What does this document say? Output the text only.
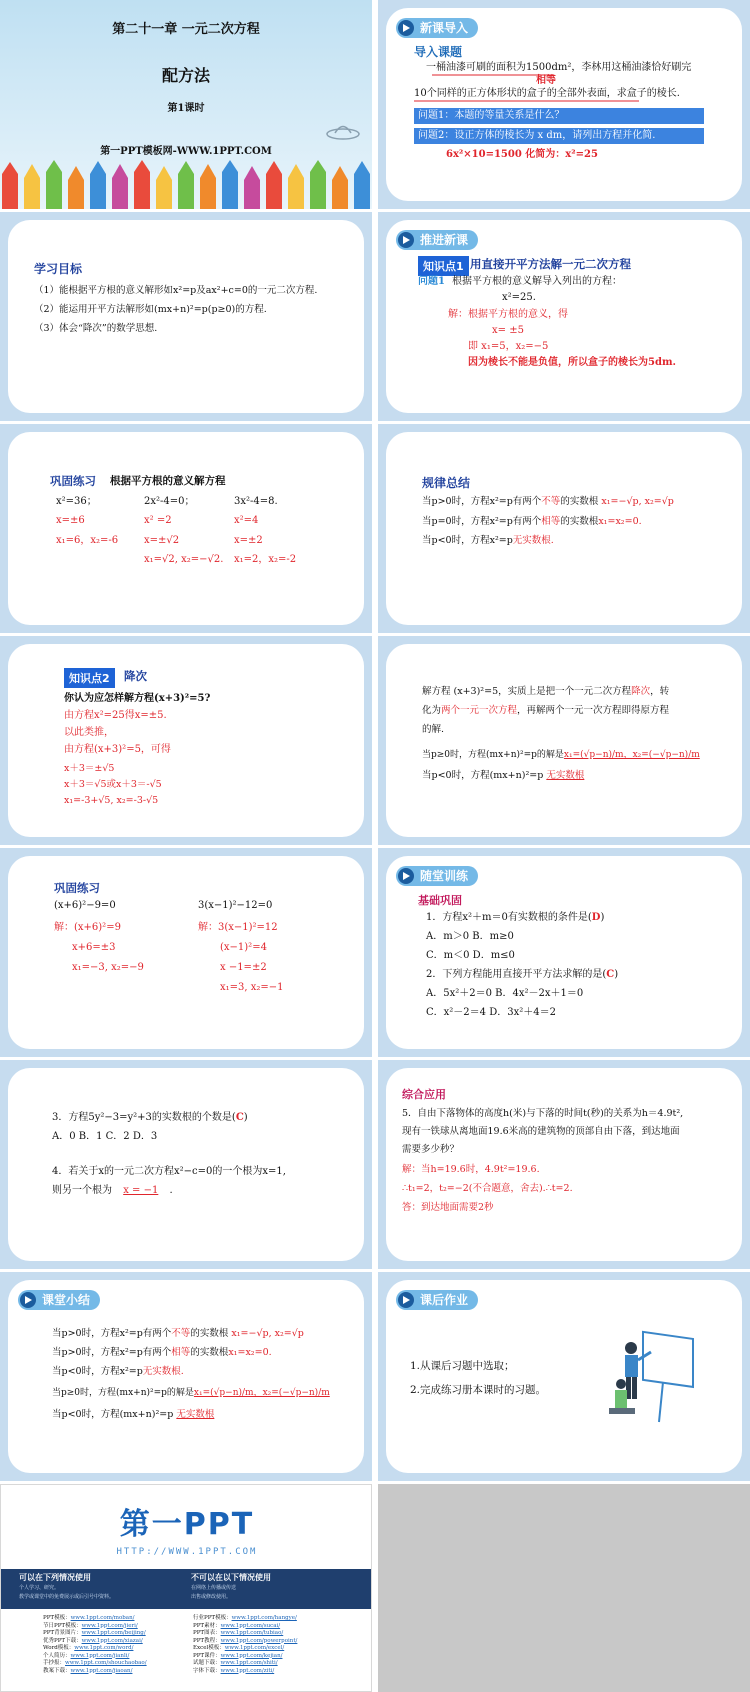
第二十一章 一元二次方程
配方法
第1课时
第一PPT模板网-WWW.1PPT.COM
新课导入
导入课题
一桶油漆可刷的面积为1500dm²，李林用这桶油漆恰好刷完
相等
10个同样的正方体形状的盒子的全部外表面，求盒子的棱长.
问题1：本题的等量关系是什么？
问题2：设正方体的棱长为 x dm，请列出方程并化简.
6x²×10=1500 化简为：x²=25
学习目标
（1）能根据平方根的意义解形如x²=p及ax²+c=0的一元二次方程.
（2）能运用开平方法解形如(mx+n)²=p(p≥0)的方程.
（3）体会“降次”的数学思想.
推进新课
知识点1 用直接开平方法解一元二次方程
问题1 根据平方根的意义解导入列出的方程：
x²=25.
解：根据平方根的意义，得
x= ±5
即 x₁=5，x₂=−5
因为棱长不能是负值，所以盒子的棱长为5dm.
巩固练习 根据平方根的意义解方程
x²=36；
x=±6
x₁=6，x₂=-6
2x²-4=0；
x² =2
x=±√2
x₁=√2, x₂=−√2.
3x²-4=8.
x²=4
x=±2
x₁=2，x₂=-2
规律总结
当p>0时，方程x²=p有两个不等的实数根 x₁=−√p, x₂=√p
当p=0时，方程x²=p有两个相等的实数根x₁=x₂=0.
当p<0时，方程x²=p无实数根.
知识点2	降次
你认为应怎样解方程(x+3)²=5?
由方程x²=25得x=±5.
以此类推，
由方程(x+3)²=5，可得
x＋3＝±√5
x＋3＝√5或x＋3＝-√5
x₁=-3+√5, x₂=-3-√5
解方程 (x+3)²=5，实质上是把一个一元二次方程降次，转
化为两个一元一次方程，再解两个一元一次方程即得原方程
的解.
当p≥0时，方程(mx+n)²=p的解是x₁=(√p−n)/m，x₂=(−√p−n)/m
当p<0时，方程(mx+n)²=p 无实数根
巩固练习
(x+6)²−9=0	3(x−1)²−12=0
解：(x+6)²=9
x+6=±3
x₁=−3, x₂=−9
解：3(x−1)²=12
(x−1)²=4
x −1=±2
x₁=3, x₂=−1
随堂训练
基础巩固
1．方程x²＋m＝0有实数根的条件是(D)
A．m＞0 B．m≥0
C．m＜0 D．m≤0
2．下列方程能用直接开平方法求解的是(C)
A．5x²＋2＝0 B．4x²－2x＋1＝0
C．x²－2＝4 D．3x²＋4＝2
3．方程5y²−3=y²+3的实数根的个数是(C)
A．0 B．1 C．2 D．3
4．若关于x的一元二次方程x²−c=0的一个根为x=1,
则另一个根为 x = −1 .
综合应用
5．自由下落物体的高度h(米)与下落的时间t(秒)的关系为h＝4.9t²,
现有一铁球从离地面19.6米高的建筑物的顶部自由下落，到达地面
需要多少秒？
解：当h=19.6时，4.9t²=19.6.
∴t₁=2，t₂=−2(不合题意，舍去).∴t=2.
答：到达地面需要2秒
课堂小结
当p>0时，方程x²=p有两个不等的实数根 x₁=−√p, x₂=√p
当p>0时，方程x²=p有两个相等的实数根x₁=x₂=0.
当p<0时，方程x²=p无实数根.
当p≥0时，方程(mx+n)²=p的解是x₁=(√p−n)/m，x₂=(−√p−n)/m
当p<0时，方程(mx+n)²=p 无实数根
课后作业
1.从课后习题中选取；
2.完成练习册本课时的习题。
第一PPT
HTTP://WWW.1PPT.COM
可以在下列情况使用
个人学习、研究。
教学或课堂中的免费展示或后引号中资料。
不可以在以下情况使用
在网络上传播或传送
出售或修改使用。
PPT模板：www.1ppt.com/moban/
节日PPT模板：www.1ppt.com/jieri/
PPT背景图片：www.1ppt.com/beijing/
优秀PPT下载：www.1ppt.com/xiazai/
Word模板：www.1ppt.com/word/
个人简历：www.1ppt.com/jianli/
手抄报：www.1ppt.com/shouchaobao/
教案下载：www.1ppt.com/jiaoan/
行业PPT模板：www.1ppt.com/hangye/
PPT素材：www.1ppt.com/sucai/
PPT图表：www.1ppt.com/tubiao/
PPT教程：www.1ppt.com/powerpoint/
Excel模板：www.1ppt.com/excel/
PPT课件：www.1ppt.com/kejian/
试题下载：www.1ppt.com/shiti/
字体下载：www.1ppt.com/ziti/
